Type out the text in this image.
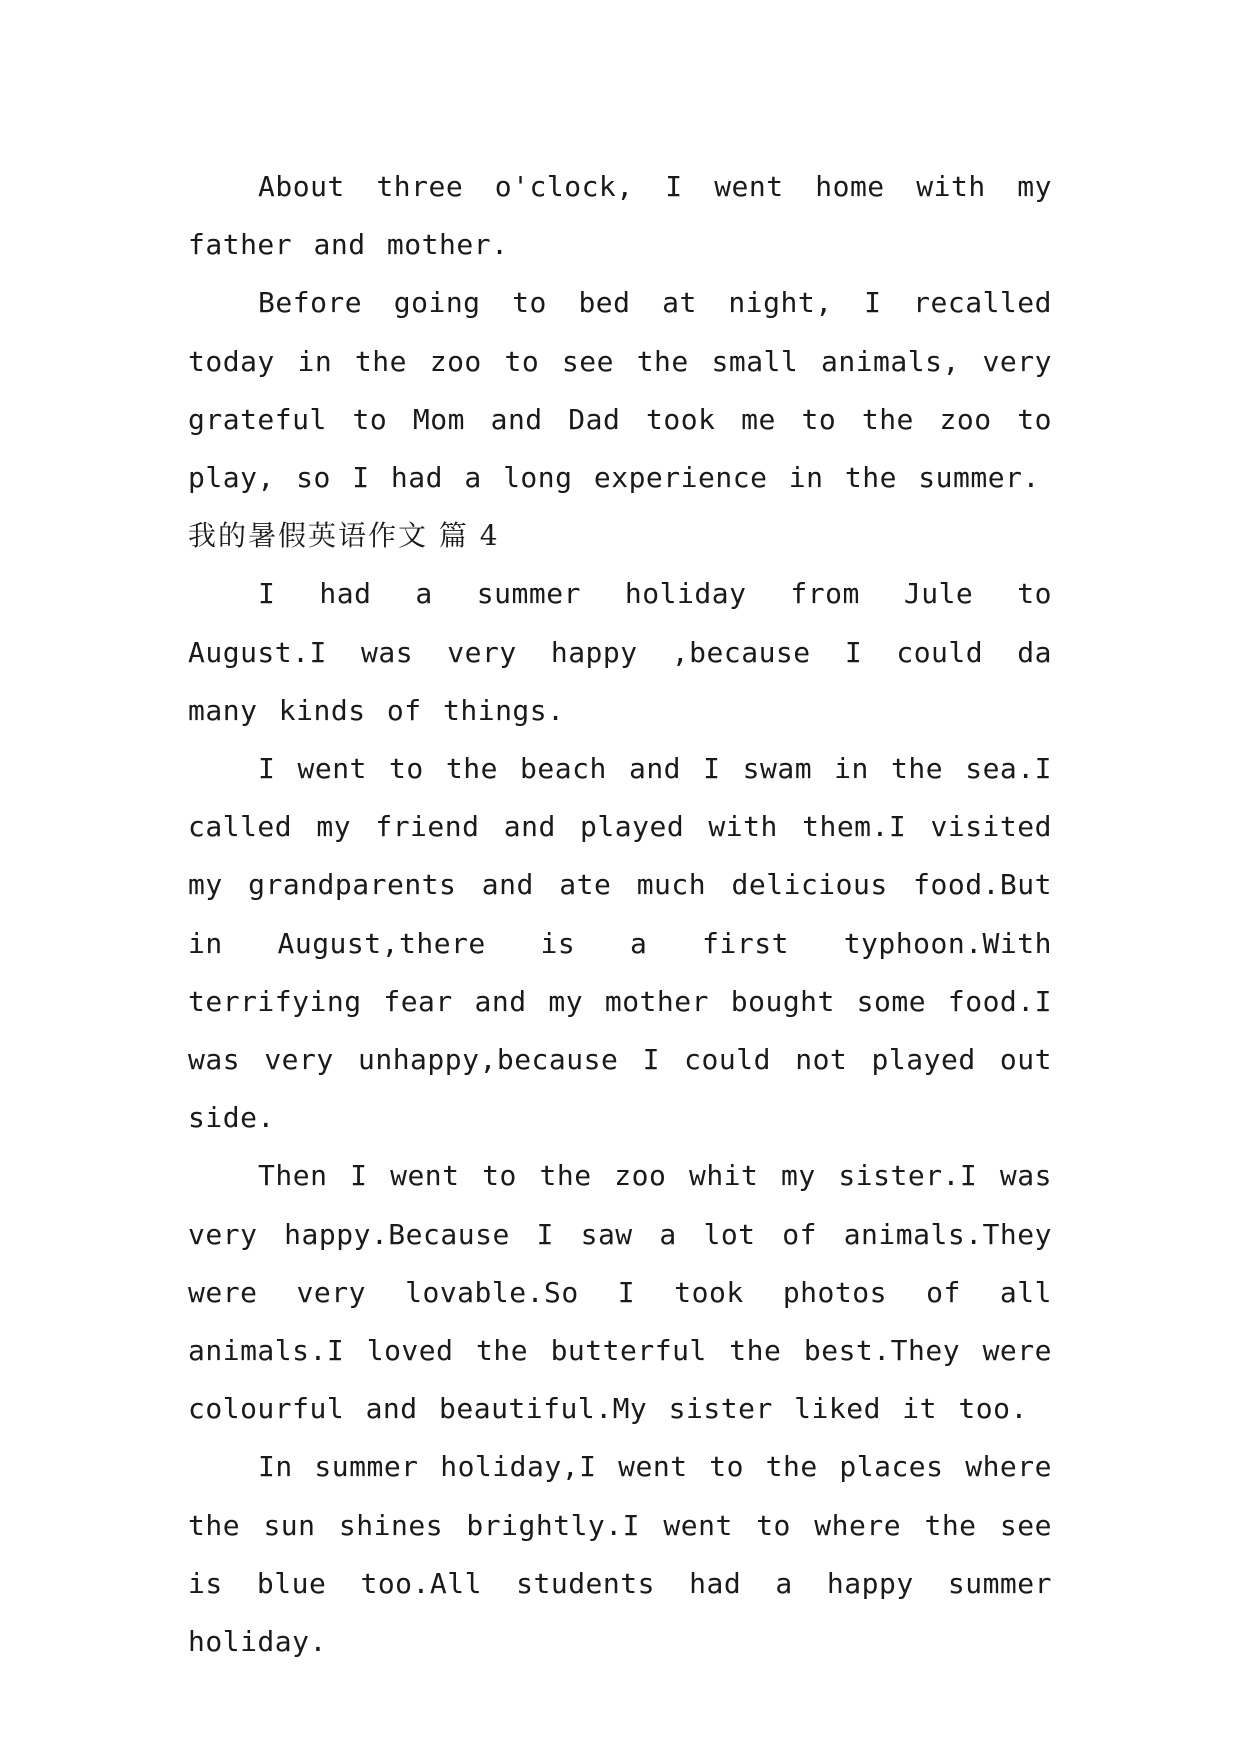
About three o'clock, I went home with my father and mother.

Before going to bed at night, I recalled today in the zoo to see the small animals, very grateful to Mom and Dad took me to the zoo to play, so I had a long experience in the summer.

我的暑假英语作文 篇 4

I had a summer holiday from Jule to August.I was very happy ,because I could da many kinds of things.

I went to the beach and I swam in the sea.I called my friend and played with them.I visited my grandparents and ate much delicious food.But in August,there is a first typhoon.With terrifying fear and my mother bought some food.I was very unhappy,because I could not played out side.

Then I went to the zoo whit my sister.I was very happy.Because I saw a lot of animals.They were very lovable.So I took photos of all animals.I loved the butterful the best.They were colourful and beautiful.My sister liked it too.

In summer holiday,I went to the places where the sun shines brightly.I went to where the see is blue too.All students had a happy summer holiday.
